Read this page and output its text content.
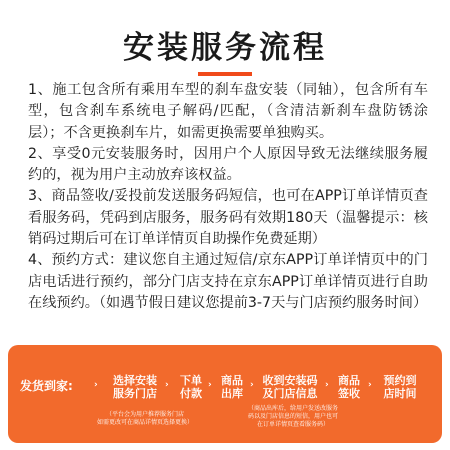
安装服务流程

1、施工包含所有乘用车型的刹车盘安装（同轴），包含所有车型，包含刹车系统电子解码/匹配，（含清洁新刹车盘防锈涂层）；不含更换刹车片，如需更换需要单独购买。

2、享受0元安装服务时，因用户个人原因导致无法继续服务履约的，视为用户主动放弃该权益。

3、商品签收/妥投前发送服务码短信，也可在APP订单详情页查看服务码，凭码到店服务，服务码有效期180天（温馨提示：核销码过期后可在订单详情页自助操作免费延期）

4、预约方式：建议您自主通过短信/京东APP订单详情页中的门店电话进行预约，部分门店支持在京东APP订单详情页进行自助在线预约。（如遇节假日建议您提前3-7天与门店预约服务时间）

发货到家:	›	选择安装
服务门店
›	下单
付款
› 商品
出库
› 收到安装码
及门店信息
› 商品
签收
›	预约到
店时间
（平台会为用户推荐服务门店
如需更改可在商品详情页选择更换）
（商品出库后，给用户发送改服务
码以及门店信息的短信，用户也可
在订单详情页查看服务码）
